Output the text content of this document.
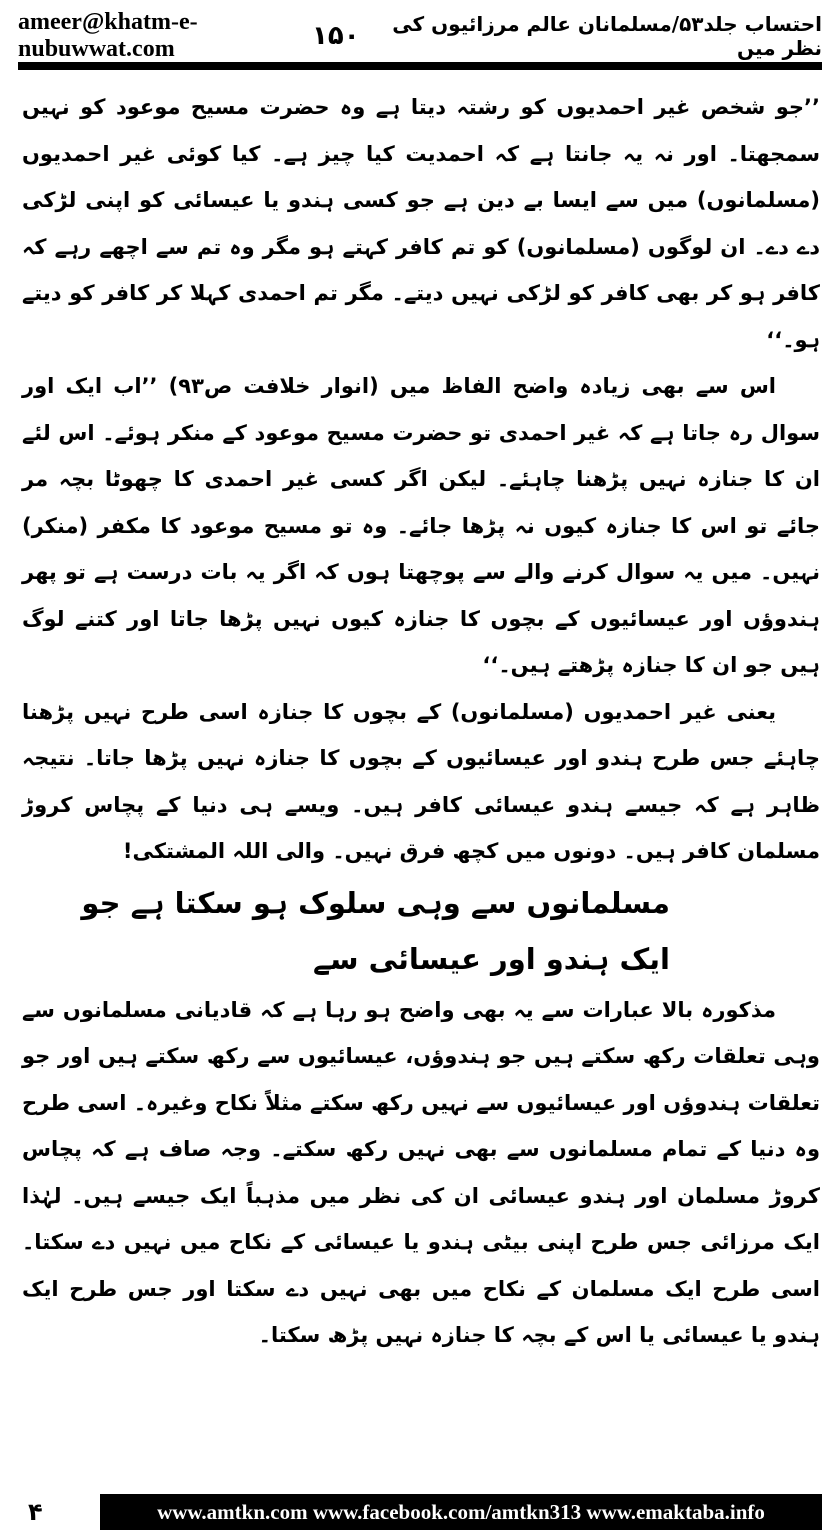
ameer@khatm-e-nubuwwat.com
احتساب جلد۵۳/مسلمانان عالم مرزائیوں کی نظر میں
۱۵۰

’’جو شخص غیر احمدیوں کو رشتہ دیتا ہے وہ حضرت مسیح موعود کو نہیں سمجھتا۔ اور نہ یہ جانتا ہے کہ احمدیت کیا چیز ہے۔ کیا کوئی غیر احمدیوں (مسلمانوں) میں سے ایسا بے دین ہے جو کسی ہندو یا عیسائی کو اپنی لڑکی دے دے۔ ان لوگوں (مسلمانوں) کو تم کافر کہتے ہو مگر وہ تم سے اچھے رہے کہ کافر ہو کر بھی کافر کو لڑکی نہیں دیتے۔ مگر تم احمدی کہلا کر کافر کو دیتے ہو۔‘‘

اس سے بھی زیادہ واضح الفاظ میں (انوار خلافت ص۹۳) ’’اب ایک اور سوال رہ جاتا ہے کہ غیر احمدی تو حضرت مسیح موعود کے منکر ہوئے۔ اس لئے ان کا جنازہ نہیں پڑھنا چاہئے۔ لیکن اگر کسی غیر احمدی کا چھوٹا بچہ مر جائے تو اس کا جنازہ کیوں نہ پڑھا جائے۔ وہ تو مسیح موعود کا مکفر (منکر) نہیں۔ میں یہ سوال کرنے والے سے پوچھتا ہوں کہ اگر یہ بات درست ہے تو پھر ہندوؤں اور عیسائیوں کے بچوں کا جنازہ کیوں نہیں پڑھا جاتا اور کتنے لوگ ہیں جو ان کا جنازہ پڑھتے ہیں۔‘‘

یعنی غیر احمدیوں (مسلمانوں) کے بچوں کا جنازہ اسی طرح نہیں پڑھنا چاہئے جس طرح ہندو اور عیسائیوں کے بچوں کا جنازہ نہیں پڑھا جاتا۔ نتیجہ ظاہر ہے کہ جیسے ہندو عیسائی کافر ہیں۔ ویسے ہی دنیا کے پچاس کروڑ مسلمان کافر ہیں۔ دونوں میں کچھ فرق نہیں۔ والی اللہ المشتکی!

مسلمانوں سے وہی سلوک ہو سکتا ہے جو ایک ہندو اور عیسائی سے

مذکورہ بالا عبارات سے یہ بھی واضح ہو رہا ہے کہ قادیانی مسلمانوں سے وہی تعلقات رکھ سکتے ہیں جو ہندوؤں، عیسائیوں سے رکھ سکتے ہیں اور جو تعلقات ہندوؤں اور عیسائیوں سے نہیں رکھ سکتے مثلاً نکاح وغیرہ۔ اسی طرح وہ دنیا کے تمام مسلمانوں سے بھی نہیں رکھ سکتے۔ وجہ صاف ہے کہ پچاس کروڑ مسلمان اور ہندو عیسائی ان کی نظر میں مذہباً ایک جیسے ہیں۔ لہٰذا ایک مرزائی جس طرح اپنی بیٹی ہندو یا عیسائی کے نکاح میں نہیں دے سکتا۔ اسی طرح ایک مسلمان کے نکاح میں بھی نہیں دے سکتا اور جس طرح ایک ہندو یا عیسائی یا اس کے بچہ کا جنازہ نہیں پڑھ سکتا۔

۴	www.amtkn.com www.facebook.com/amtkn313 www.emaktaba.info
